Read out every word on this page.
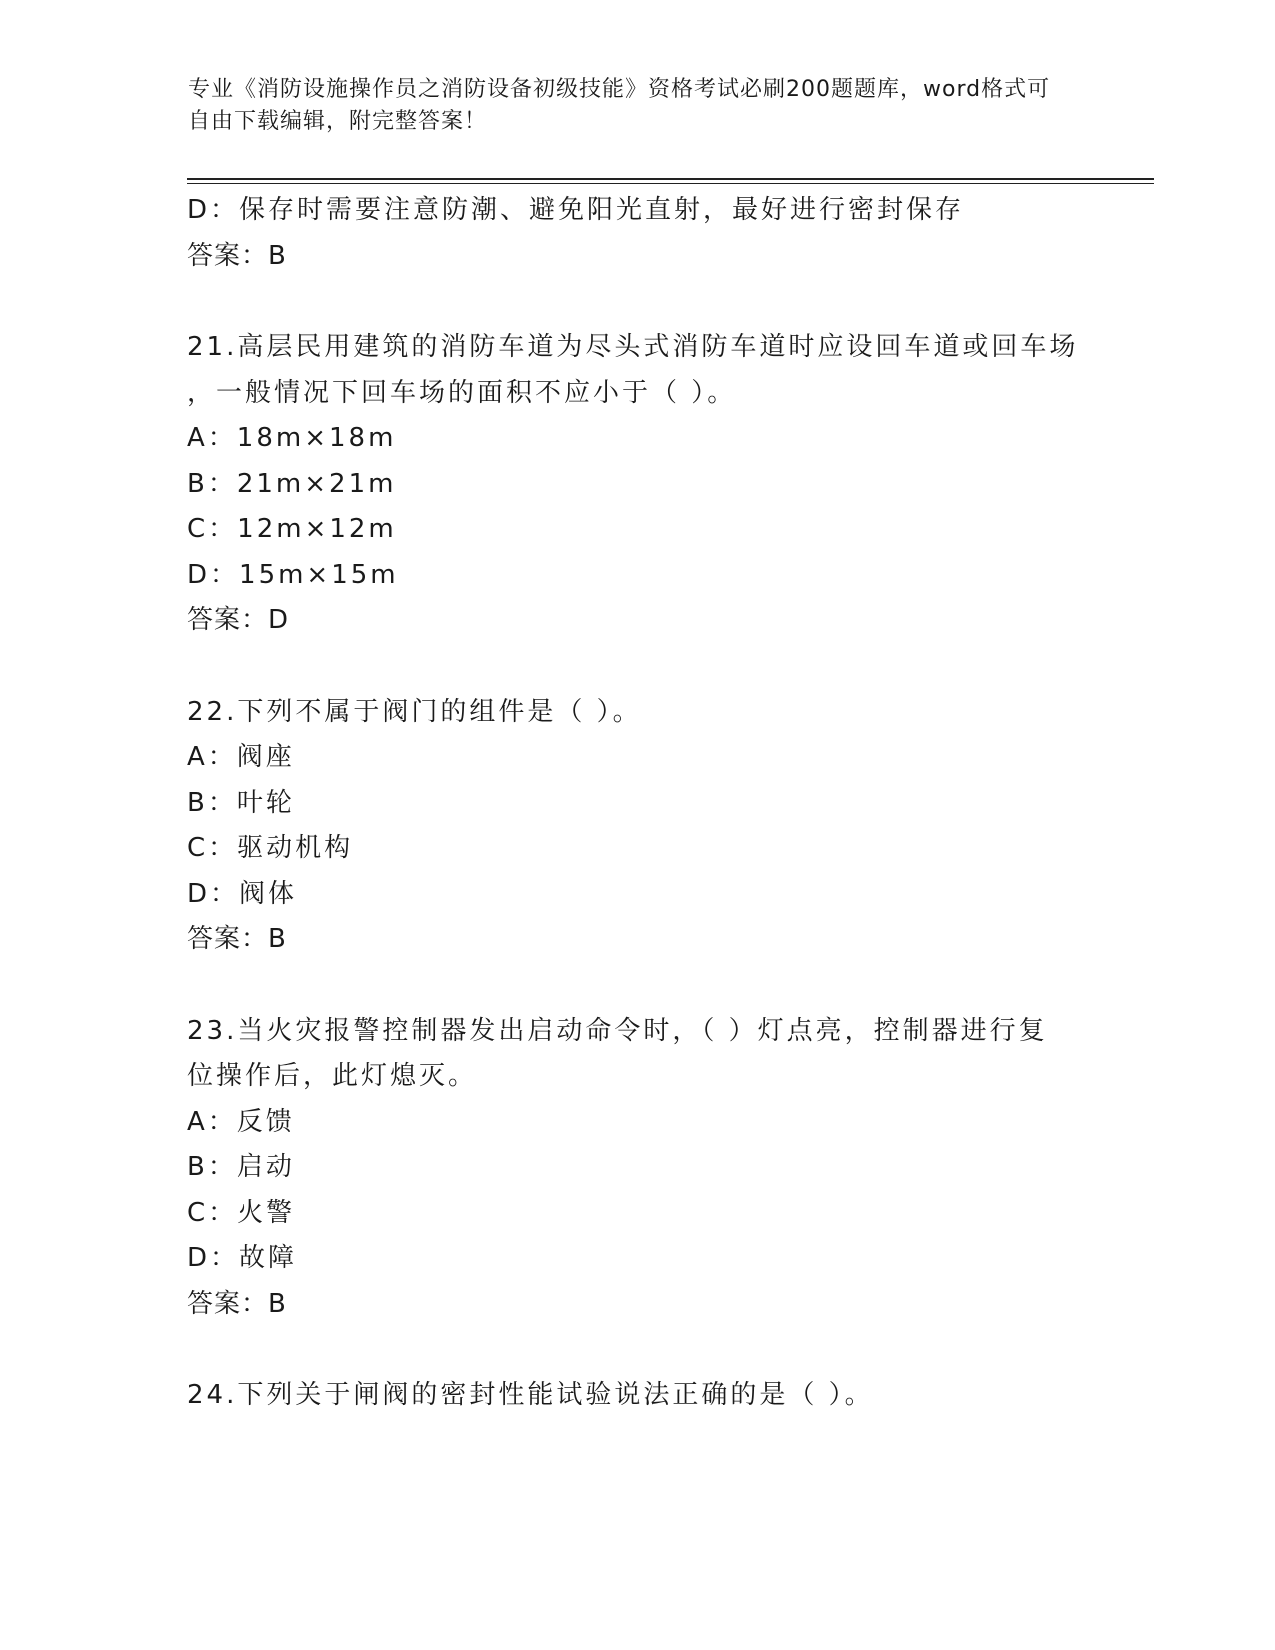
专业《消防设施操作员之消防设备初级技能》资格考试必刷200题题库，word格式可自由下载编辑，附完整答案！
D：保存时需要注意防潮、避免阳光直射，最好进行密封保存
答案：B
21.高层民用建筑的消防车道为尽头式消防车道时应设回车道或回车场
，一般情况下回车场的面积不应小于（ ）。
A：18m×18m
B：21m×21m
C：12m×12m
D：15m×15m
答案：D
22.下列不属于阀门的组件是（ ）。
A：阀座
B：叶轮
C：驱动机构
D：阀体
答案：B
23.当火灾报警控制器发出启动命令时，（ ）灯点亮，控制器进行复
位操作后，此灯熄灭。
A：反馈
B：启动
C：火警
D：故障
答案：B
24.下列关于闸阀的密封性能试验说法正确的是（ ）。
